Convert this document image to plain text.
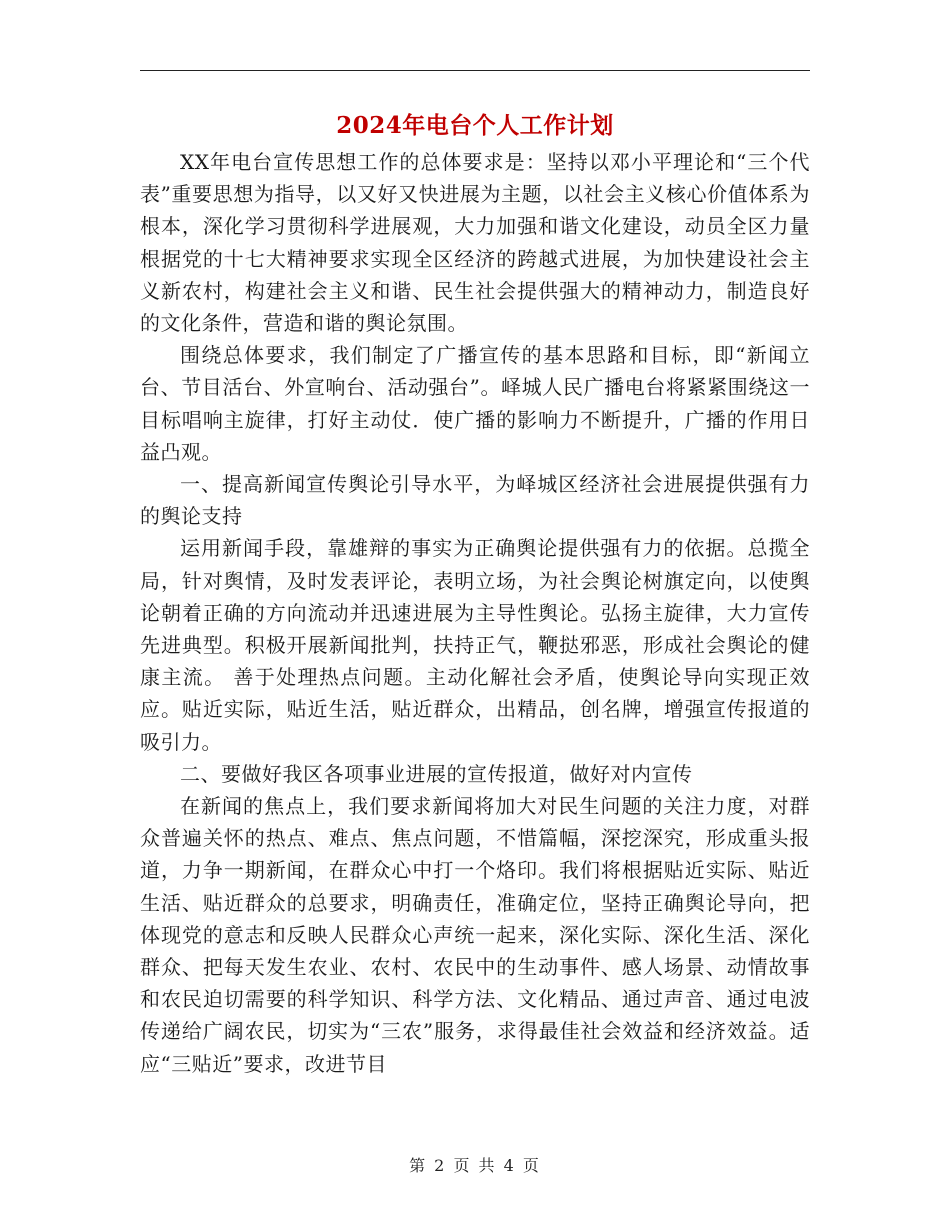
2024年电台个人工作计划

XX年电台宣传思想工作的总体要求是：坚持以邓小平理论和“三个代表”重要思想为指导，以又好又快进展为主题，以社会主义核心价值体系为根本，深化学习贯彻科学进展观，大力加强和谐文化建设，动员全区力量根据党的十七大精神要求实现全区经济的跨越式进展，为加快建设社会主义新农村，构建社会主义和谐、民生社会提供强大的精神动力，制造良好的文化条件，营造和谐的舆论氛围。

围绕总体要求，我们制定了广播宣传的基本思路和目标，即“新闻立台、节目活台、外宣响台、活动强台”。峄城人民广播电台将紧紧围绕这一目标唱响主旋律，打好主动仗．使广播的影响力不断提升，广播的作用日益凸观。

一、提高新闻宣传舆论引导水平，为峄城区经济社会进展提供强有力的舆论支持

运用新闻手段，靠雄辩的事实为正确舆论提供强有力的依据。总揽全局，针对舆情，及时发表评论，表明立场，为社会舆论树旗定向，以使舆论朝着正确的方向流动并迅速进展为主导性舆论。弘扬主旋律，大力宣传先进典型。积极开展新闻批判，扶持正气，鞭挞邪恶，形成社会舆论的健康主流。 善于处理热点问题。主动化解社会矛盾，使舆论导向实现正效应。贴近实际，贴近生活，贴近群众，出精品，创名牌，增强宣传报道的吸引力。

二、要做好我区各项事业进展的宣传报道，做好对内宣传

在新闻的焦点上，我们要求新闻将加大对民生问题的关注力度，对群众普遍关怀的热点、难点、焦点问题，不惜篇幅，深挖深究，形成重头报道，力争一期新闻，在群众心中打一个烙印。我们将根据贴近实际、贴近生活、贴近群众的总要求，明确责任，准确定位，坚持正确舆论导向，把体现党的意志和反映人民群众心声统一起来，深化实际、深化生活、深化群众、把每天发生农业、农村、农民中的生动事件、感人场景、动情故事和农民迫切需要的科学知识、科学方法、文化精品、通过声音、通过电波传递给广阔农民，切实为“三农”服务，求得最佳社会效益和经济效益。适应“三贴近”要求，改进节目

第 2 页 共 4 页
